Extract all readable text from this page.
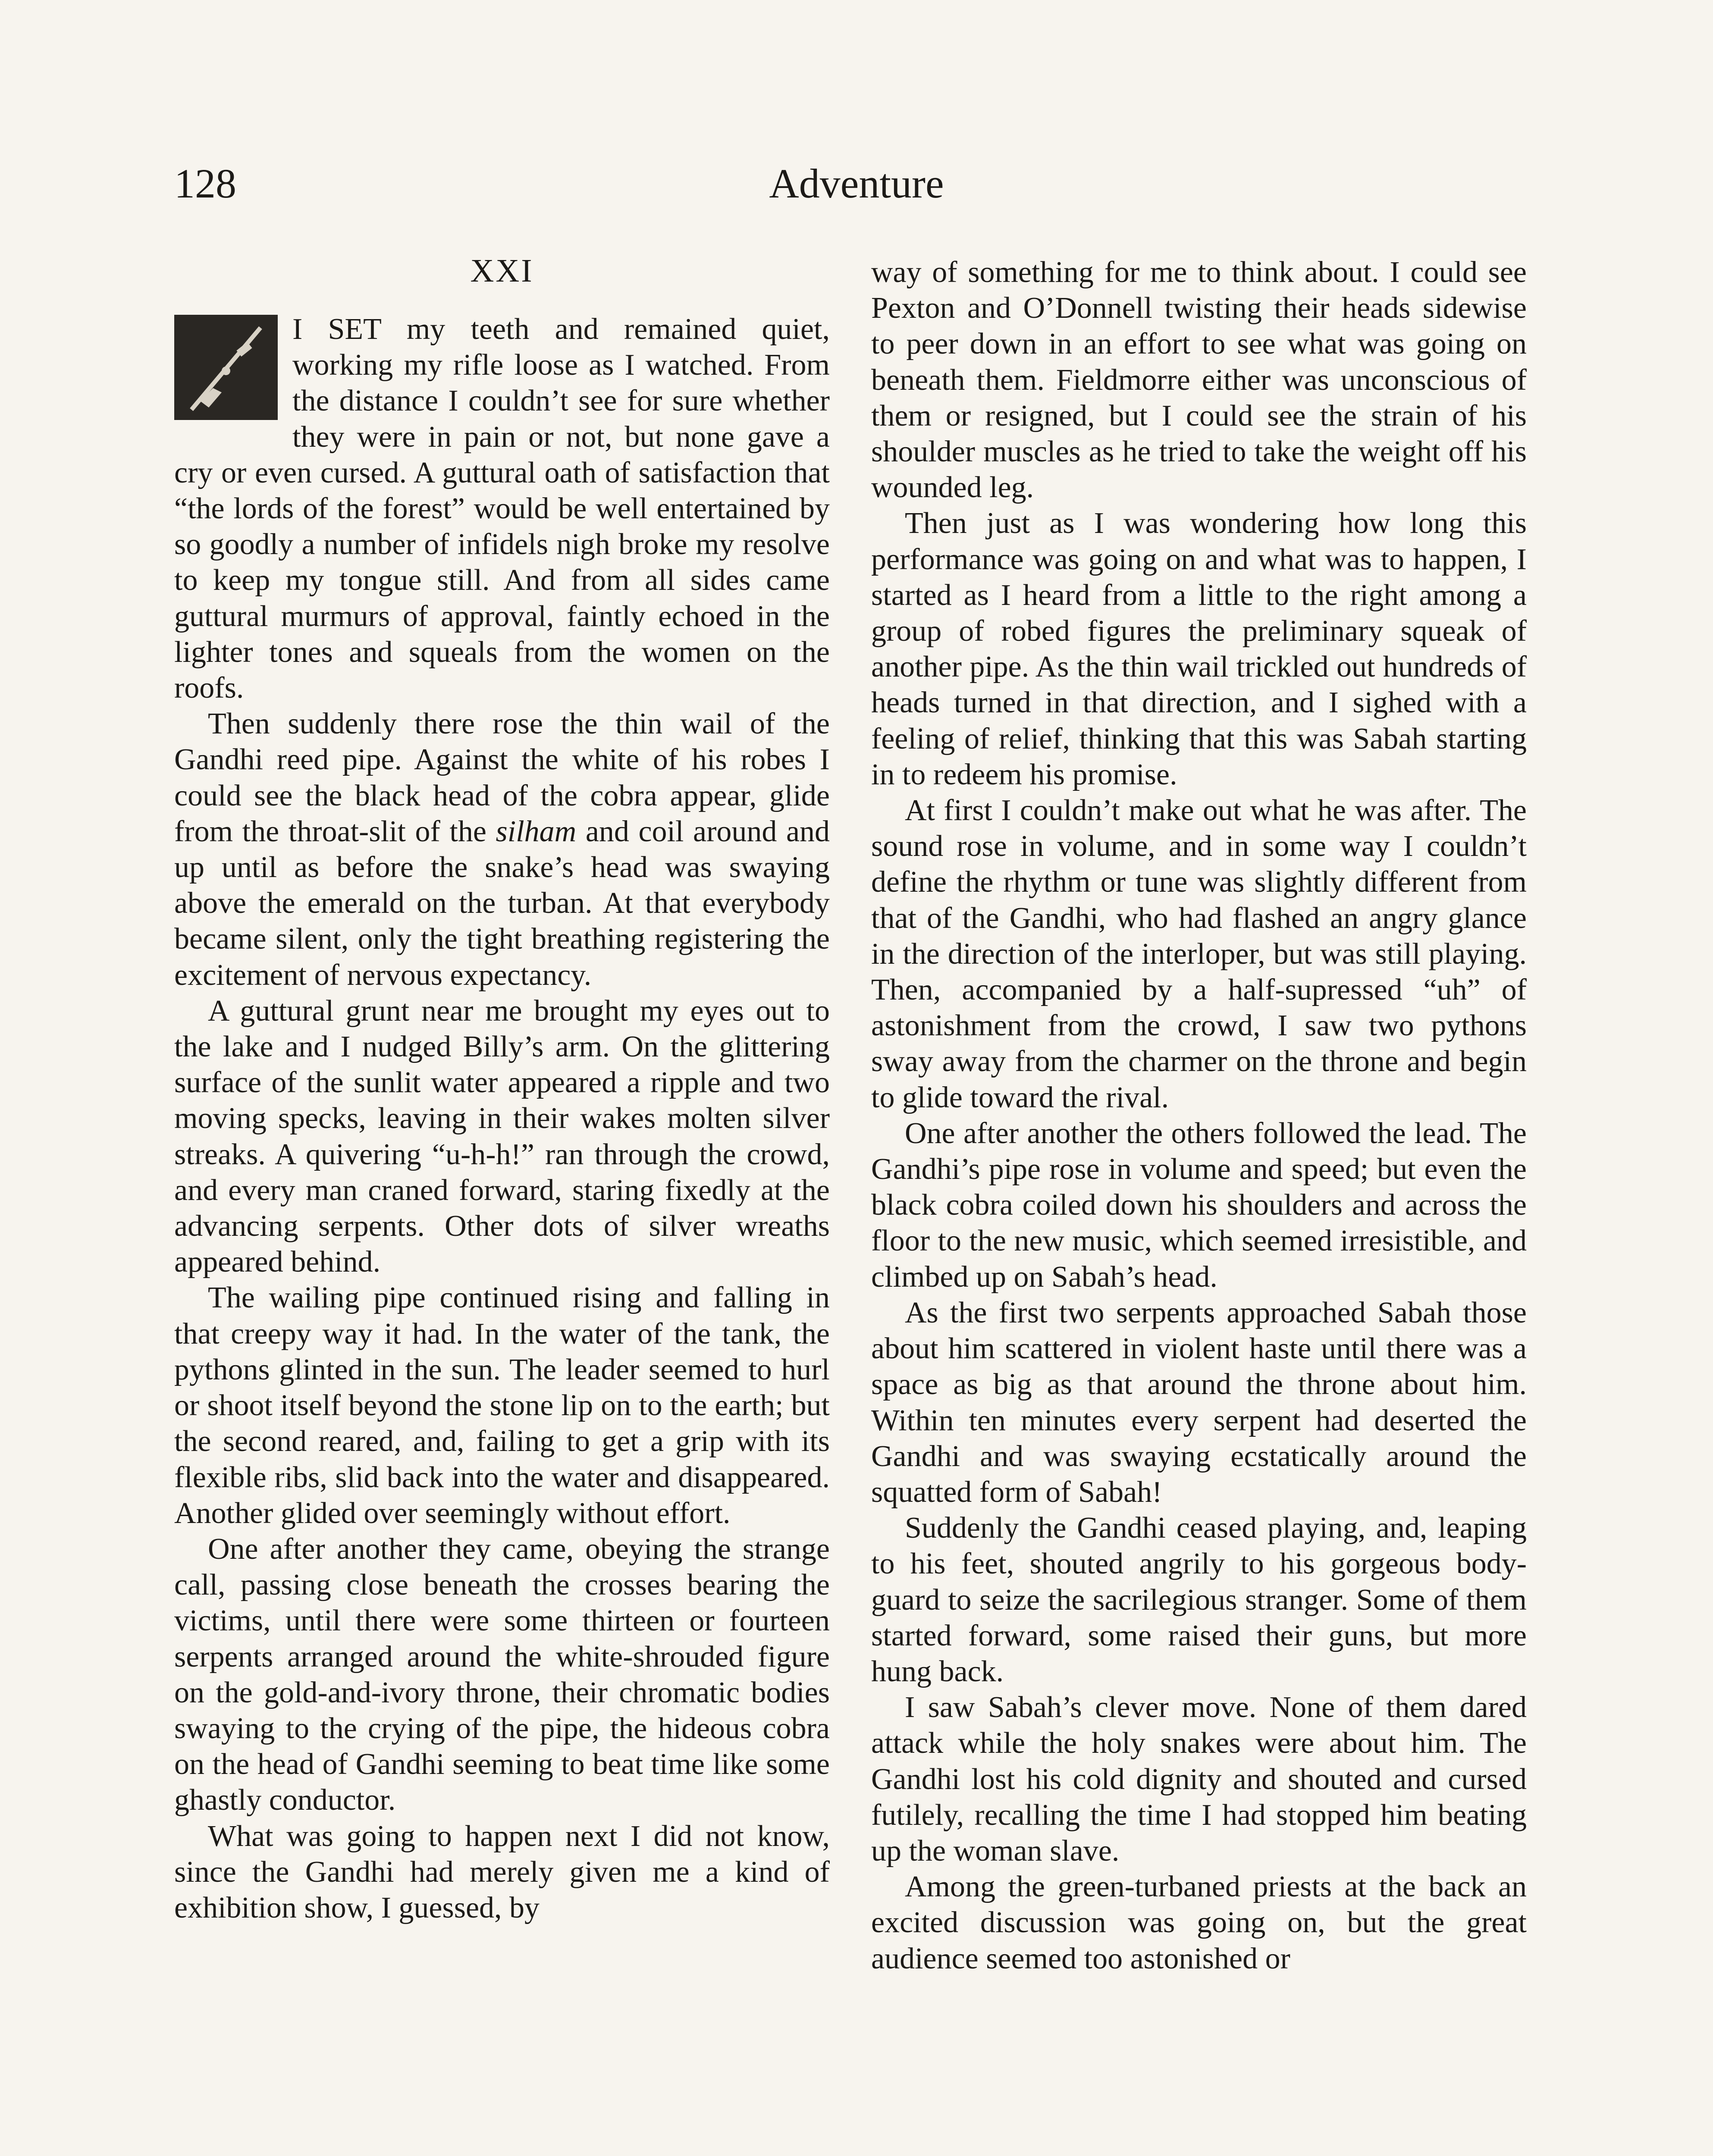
128	Adventure
XXI

I SET my teeth and remained quiet, working my rifle loose as I watched. From the distance I couldn’t see for sure whether they were in pain or not, but none gave a cry or even cursed. A guttural oath of satisfaction that “the lords of the forest” would be well entertained by so goodly a number of infidels nigh broke my resolve to keep my tongue still. And from all sides came guttural murmurs of approval, faintly echoed in the lighter tones and squeals from the women on the roofs.

Then suddenly there rose the thin wail of the Gandhi reed pipe. Against the white of his robes I could see the black head of the cobra appear, glide from the throat-slit of the silham and coil around and up until as before the snake’s head was swaying above the emerald on the turban. At that everybody became silent, only the tight breathing registering the excitement of nervous expectancy.

A guttural grunt near me brought my eyes out to the lake and I nudged Billy’s arm. On the glittering surface of the sunlit water appeared a ripple and two moving specks, leaving in their wakes molten silver streaks. A quivering “u-h-h!” ran through the crowd, and every man craned forward, staring fixedly at the advancing serpents. Other dots of silver wreaths appeared behind.

The wailing pipe continued rising and falling in that creepy way it had. In the water of the tank, the pythons glinted in the sun. The leader seemed to hurl or shoot itself beyond the stone lip on to the earth; but the second reared, and, failing to get a grip with its flexible ribs, slid back into the water and disappeared. Another glided over seemingly without effort.

One after another they came, obeying the strange call, passing close beneath the crosses bearing the victims, until there were some thirteen or fourteen serpents arranged around the white-shrouded figure on the gold-and-ivory throne, their chromatic bodies swaying to the crying of the pipe, the hideous cobra on the head of Gandhi seeming to beat time like some ghastly conductor.

What was going to happen next I did not know, since the Gandhi had merely given me a kind of exhibition show, I guessed, by

way of something for me to think about. I could see Pexton and O’Donnell twisting their heads sidewise to peer down in an effort to see what was going on beneath them. Fieldmorre either was unconscious of them or resigned, but I could see the strain of his shoulder muscles as he tried to take the weight off his wounded leg.

Then just as I was wondering how long this performance was going on and what was to happen, I started as I heard from a little to the right among a group of robed figures the preliminary squeak of another pipe. As the thin wail trickled out hundreds of heads turned in that direction, and I sighed with a feeling of relief, thinking that this was Sabah starting in to redeem his promise.

At first I couldn’t make out what he was after. The sound rose in volume, and in some way I couldn’t define the rhythm or tune was slightly different from that of the Gandhi, who had flashed an angry glance in the direction of the interloper, but was still playing. Then, accompanied by a half-supressed “uh” of astonishment from the crowd, I saw two pythons sway away from the charmer on the throne and begin to glide toward the rival.

One after another the others followed the lead. The Gandhi’s pipe rose in volume and speed; but even the black cobra coiled down his shoulders and across the floor to the new music, which seemed irresistible, and climbed up on Sabah’s head.

As the first two serpents approached Sabah those about him scattered in violent haste until there was a space as big as that around the throne about him. Within ten minutes every serpent had deserted the Gandhi and was swaying ecstatically around the squatted form of Sabah!

Suddenly the Gandhi ceased playing, and, leaping to his feet, shouted angrily to his gorgeous body-guard to seize the sacrilegious stranger. Some of them started forward, some raised their guns, but more hung back.

I saw Sabah’s clever move. None of them dared attack while the holy snakes were about him. The Gandhi lost his cold dignity and shouted and cursed futilely, recalling the time I had stopped him beating up the woman slave.

Among the green-turbaned priests at the back an excited discussion was going on, but the great audience seemed too astonished or
